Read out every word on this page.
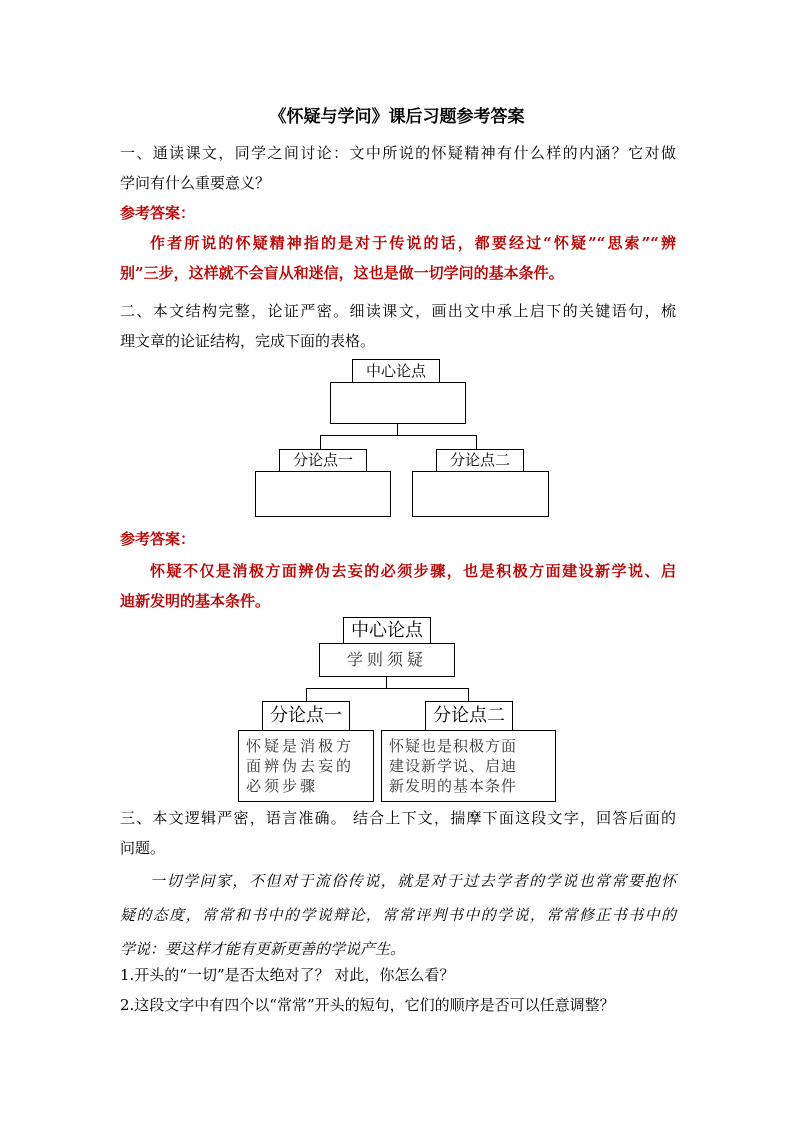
《怀疑与学问》课后习题参考答案
一、通读课文，同学之间讨论：文中所说的怀疑精神有什么样的内涵？它对做
学问有什么重要意义？
参考答案：
作者所说的怀疑精神指的是对于传说的话，都要经过“怀疑”“思索”“辨
别”三步，这样就不会盲从和迷信，这也是做一切学问的基本条件。
二、本文结构完整，论证严密。细读课文，画出文中承上启下的关键语句，梳
理文章的论证结构，完成下面的表格。
中心论点
分论点一	分论点二
参考答案：
怀疑不仅是消极方面辨伪去妄的必须步骤，也是积极方面建设新学说、启
迪新发明的基本条件。
中心论点
学则须疑
分论点一
怀疑是消极方
面辨伪去妄的
必须步骤
分论点二
怀疑也是积极方面
建设新学说、启迪
新发明的基本条件
三、本文逻辑严密，语言准确。 结合上下文，揣摩下面这段文字，回答后面的
问题。
一切学问家，不但对于流俗传说，就是对于过去学者的学说也常常要抱怀
疑的态度，常常和书中的学说辩论，常常评判书中的学说，常常修正书书中的
学说：要这样才能有更新更善的学说产生。
1.开头的“一切”是否太绝对了？ 对此，你怎么看？
2.这段文字中有四个以“常常”开头的短句，它们的顺序是否可以任意调整？
